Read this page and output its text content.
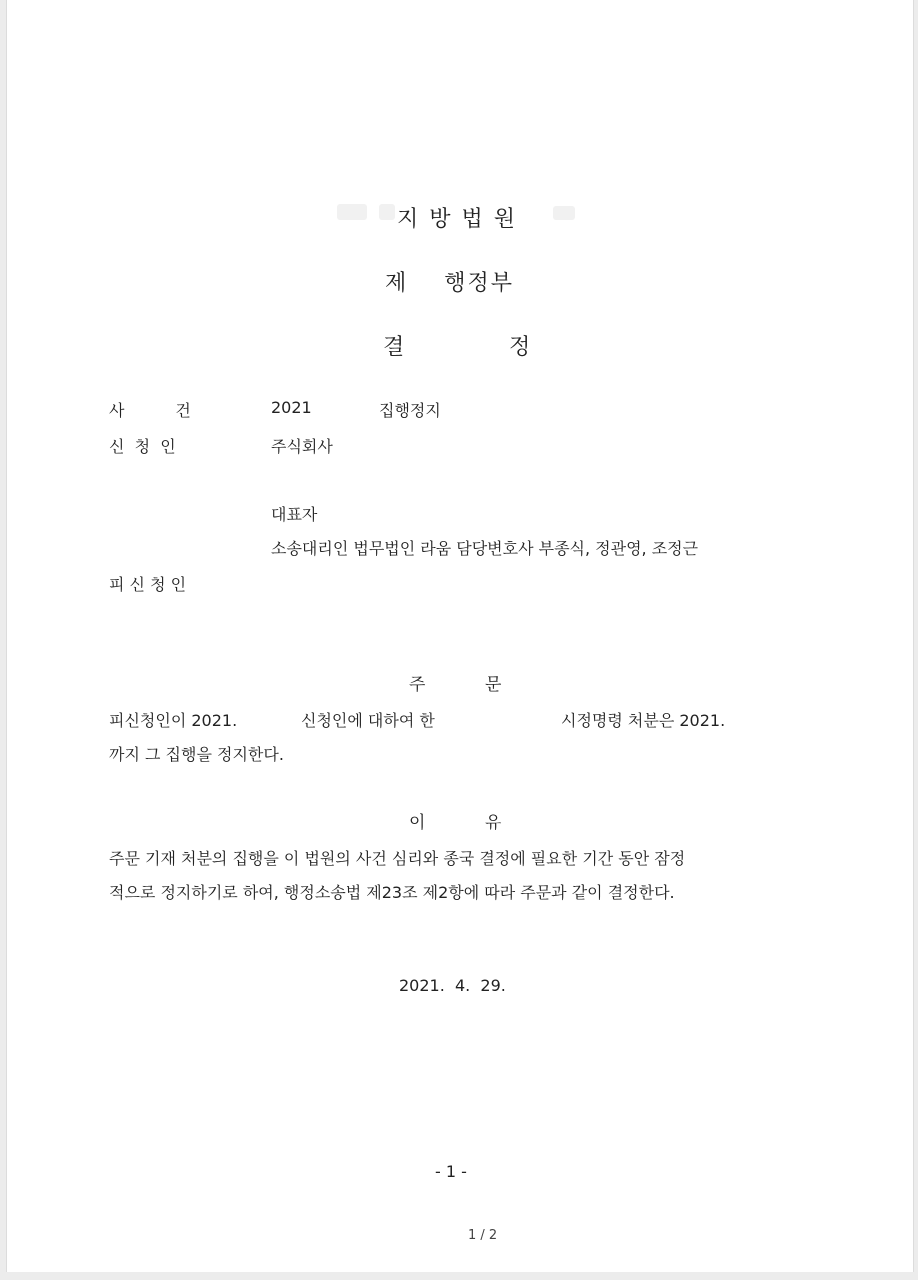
지 방 법 원
제    행정부
결	정
사          건	2021	집행정지
신  청  인	주식회사
대표자
소송대리인 법무법인 라움 담당변호사 부종식, 정관영, 조정근
피 신 청 인
주	문
피신청인이 2021.	신청인에 대하여 한	시정명령 처분은 2021.
까지 그 집행을 정지한다.
이	유
주문 기재 처분의 집행을 이 법원의 사건 심리와 종국 결정에 필요한 기간 동안 잠정
적으로 정지하기로 하여, 행정소송법 제23조 제2항에 따라 주문과 같이 결정한다.
2021.  4.  29.
- 1 -
1 / 2
